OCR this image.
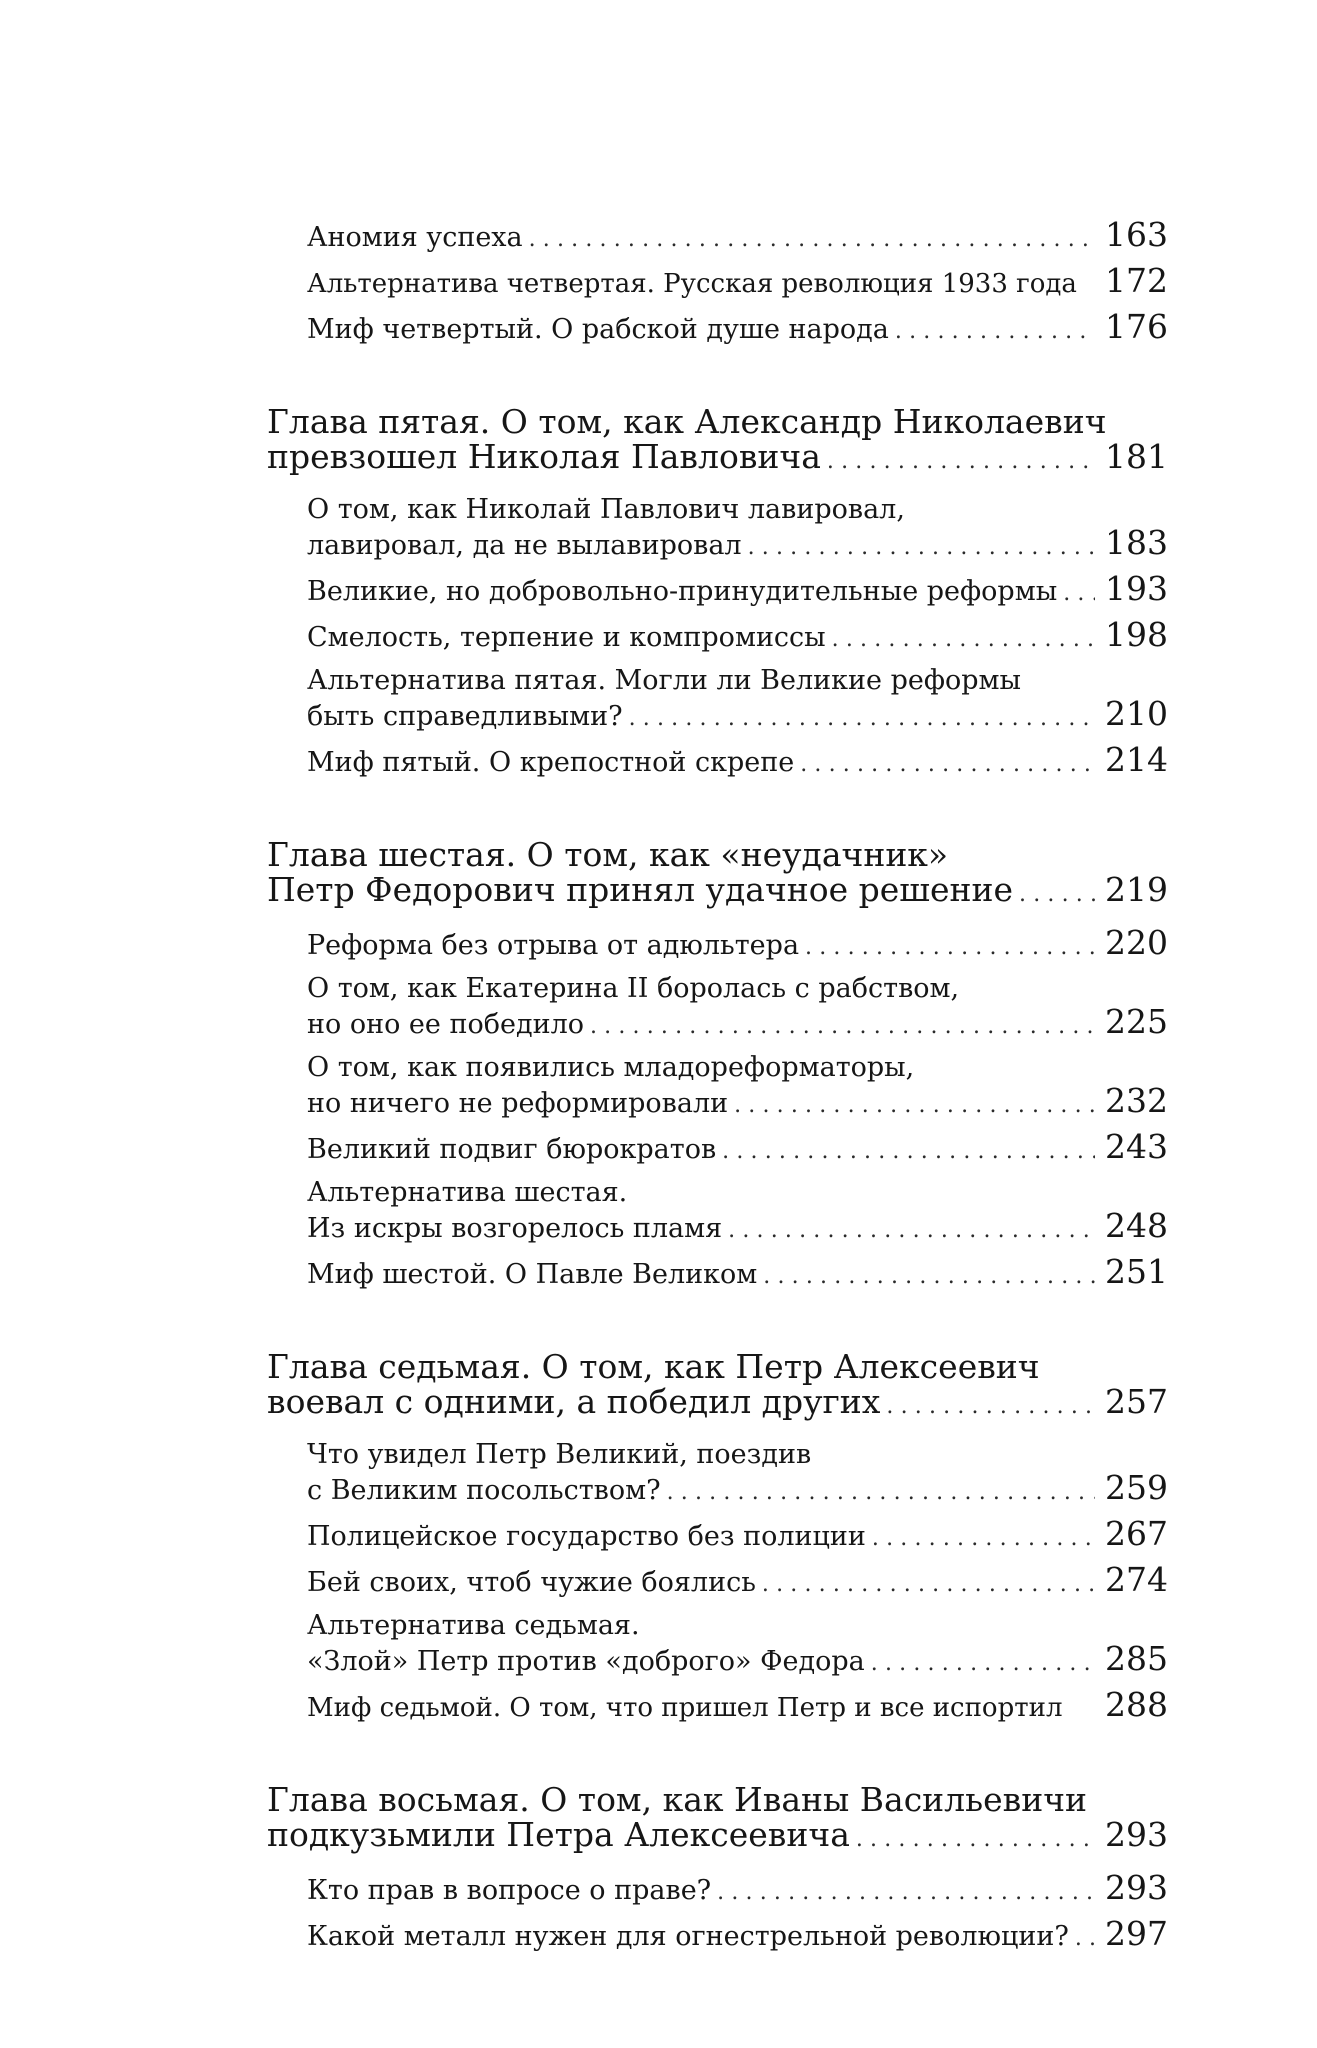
Аномия успеха . . .	163
Альтернатива четвертая. Русская революция 1933 года 172
Миф четвертый. О рабской душе народа . . .	176
Глава пятая. О том, как Александр Николаевич
превзошел Николая Павловича . . .	181
О том, как Николай Павлович лавировал,
лавировал, да не вылавировал . . .	183
Великие, но добровольно-принудительные реформы . . . 193
Смелость, терпение и компромиссы . . .	198
Альтернатива пятая. Могли ли Великие реформы
быть справедливыми? . . .	210
Миф пятый. О крепостной скрепе . . .	214
Глава шестая. О том, как «неудачник»
Петр Федорович принял удачное решение . . .	219
Реформа без отрыва от адюльтера . . .	220
О том, как Екатерина II боролась с рабством,
но оно ее победило . . .	225
О том, как появились младореформаторы,
но ничего не реформировали . . .	232
Великий подвиг бюрократов . . .	243
Альтернатива шестая.
Из искры возгорелось пламя . . .	248
Миф шестой. О Павле Великом . . .	251
Глава седьмая. О том, как Петр Алексеевич
воевал с одними, а победил других . . .	257
Что увидел Петр Великий, поездив
с Великим посольством? . . .	259
Полицейское государство без полиции . . .	267
Бей своих, чтоб чужие боялись . . .	274
Альтернатива седьмая.
«Злой» Петр против «доброго» Федора . . .	285
Миф седьмой. О том, что пришел Петр и все испортил 288
Глава восьмая. О том, как Иваны Васильевичи
подкузьмили Петра Алексеевича . . .	293
Кто прав в вопросе о праве? . . .	293
Какой металл нужен для огнестрельной революции? . . . 297
